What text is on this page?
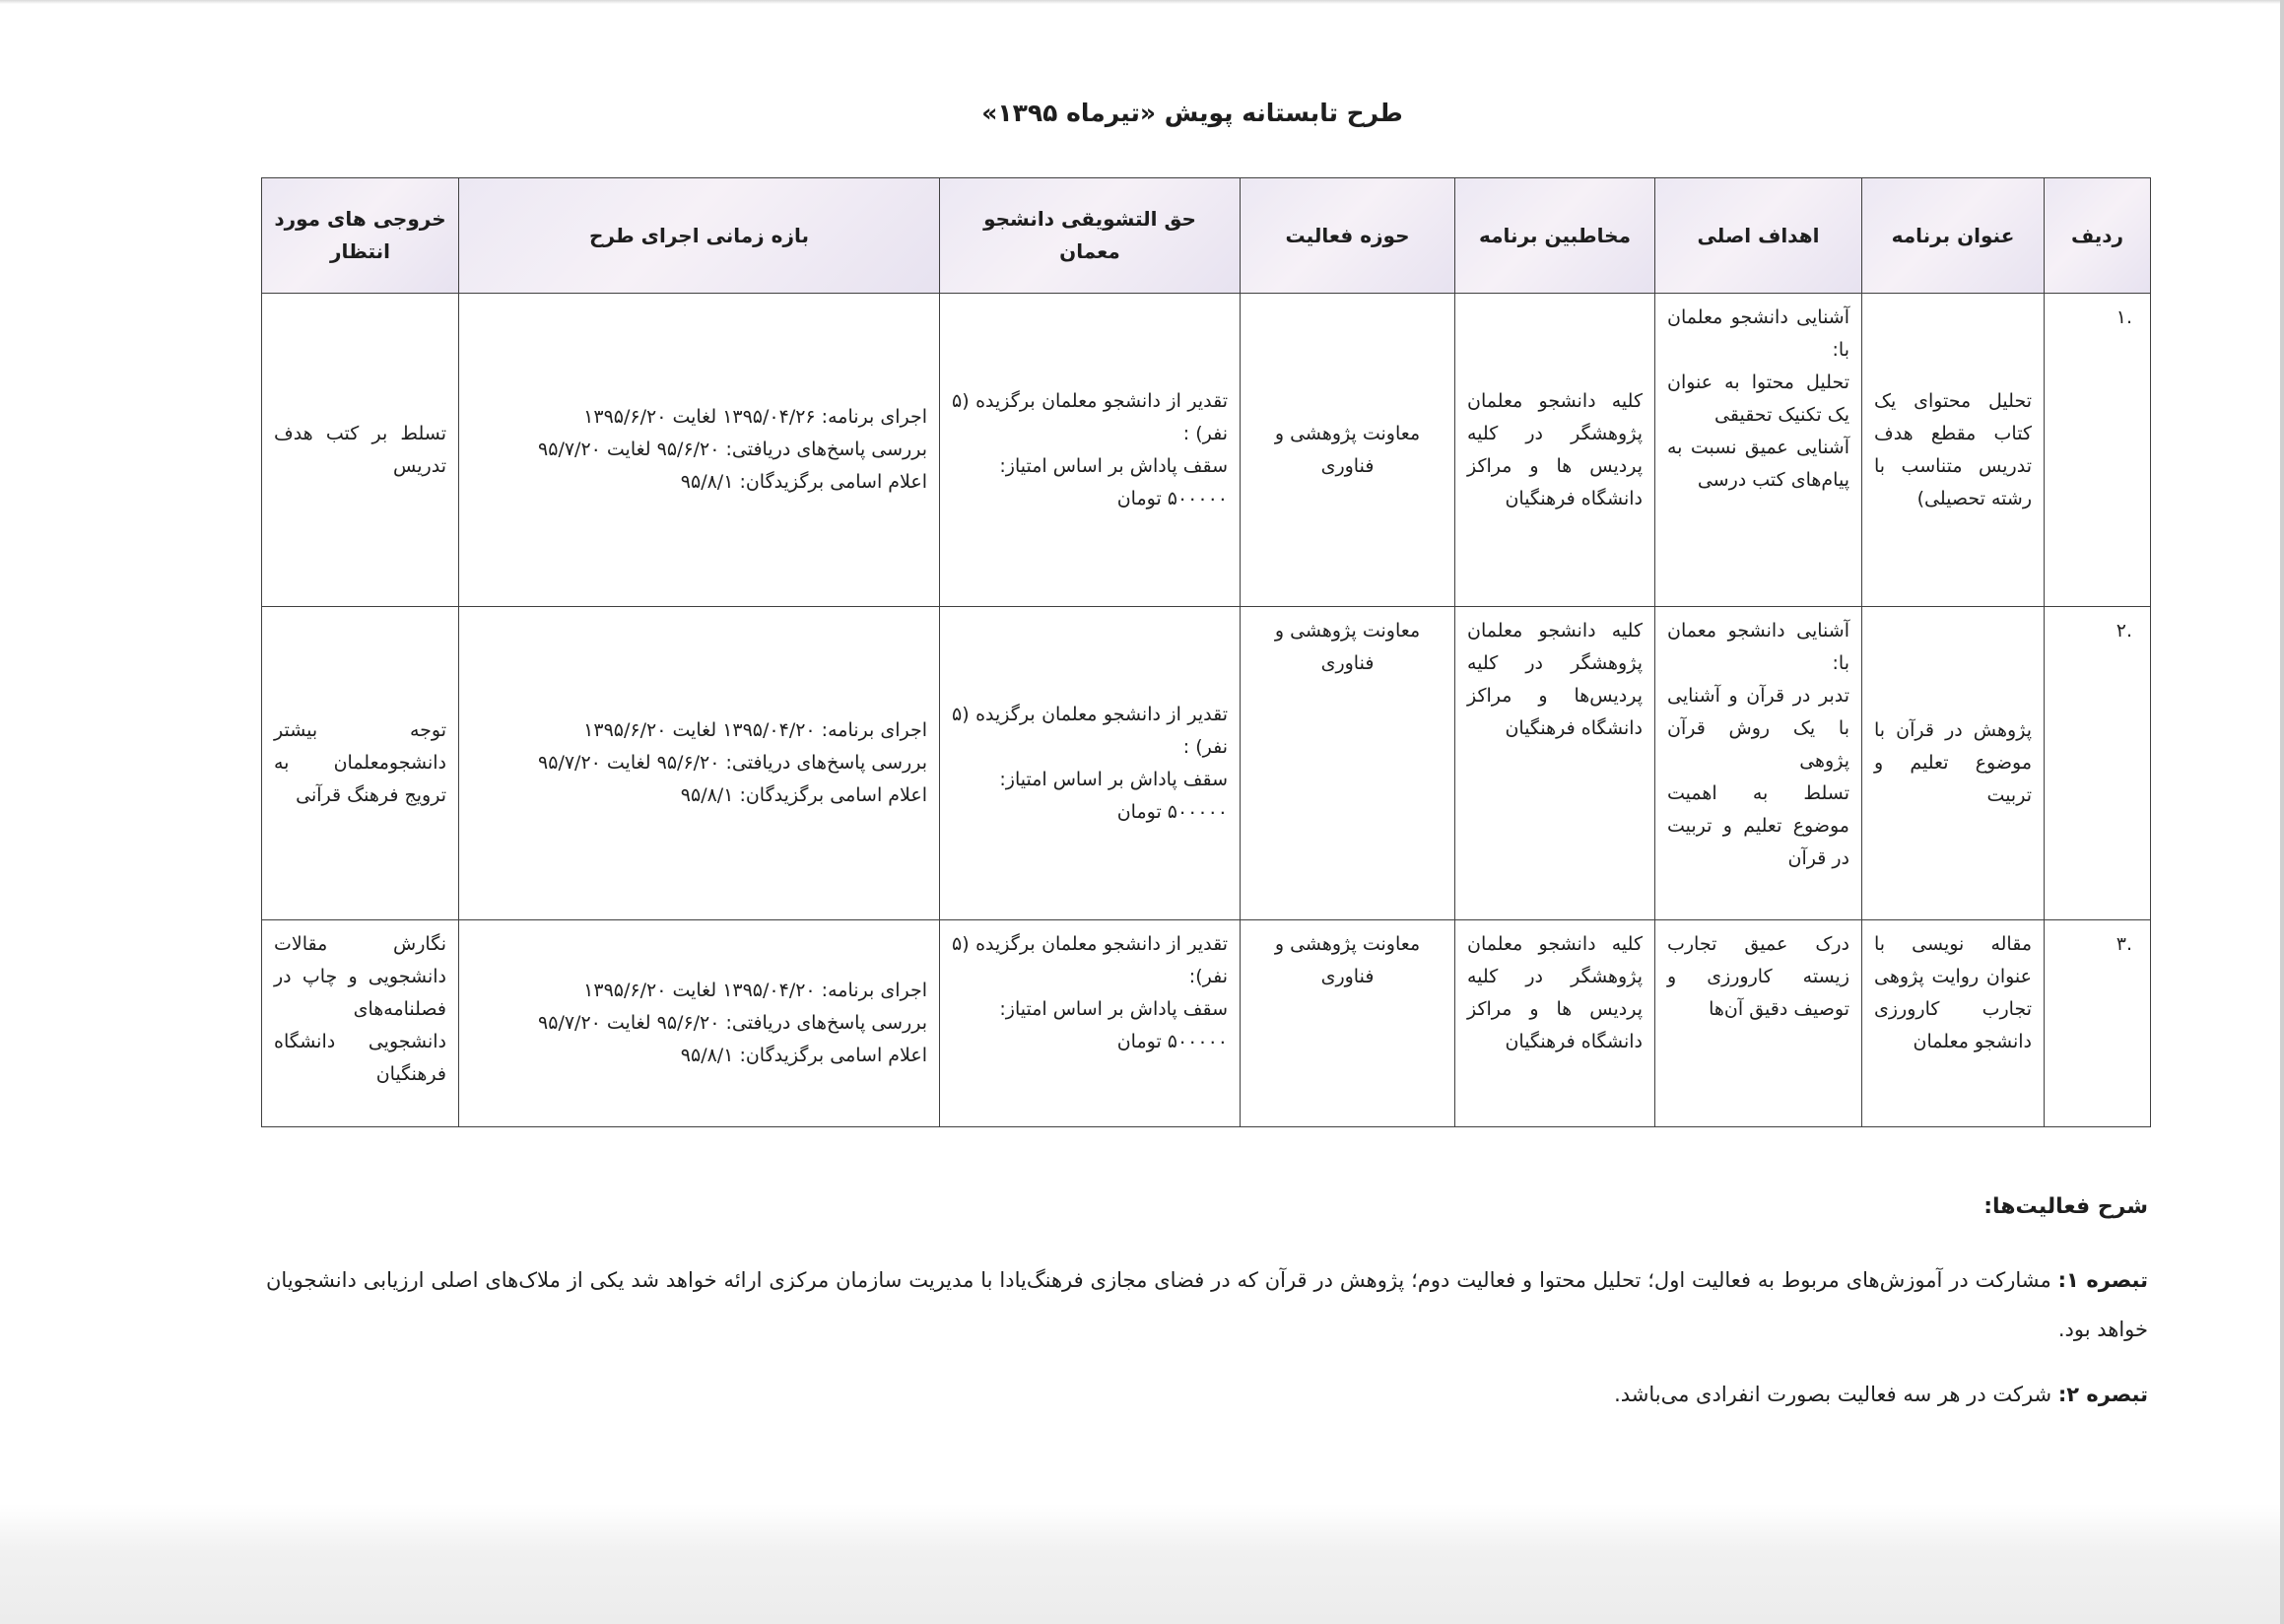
طرح تابستانه پویش «تیرماه ۱۳۹۵»
ردیف	عنوان برنامه	اهداف اصلی	مخاطبین برنامه	حوزه فعالیت	حق التشویقی دانشجو معمان	بازه زمانی اجرای طرح	خروجی های مورد انتظار
.۱	تحلیل محتوای یک کتاب مقطع هدف تدریس متناسب با رشته تحصیلی)	آشنایی دانشجو معلمان با:
تحلیل محتوا به عنوان یک تکنیک تحقیقی
آشنایی عمیق نسبت به پیام‌های کتب درسی	کلیه دانشجو معلمان پژوهشگر در کلیه پردیس ها و مراکز دانشگاه فرهنگیان	معاونت پژوهشی و فناوری	تقدیر از دانشجو معلمان برگزیده (۵ نفر) :
سقف پاداش بر اساس امتیاز:
۵۰۰۰۰۰ تومان	اجرای برنامه: ۱۳۹۵/۰۴/۲۶ لغایت ۱۳۹۵/۶/۲۰
بررسی پاسخ‌های دریافتی: ۹۵/۶/۲۰ لغایت ۹۵/۷/۲۰
اعلام اسامی برگزیدگان: ۹۵/۸/۱	تسلط بر کتب هدف تدریس
.۲	پژوهش در قرآن با موضوع تعلیم و تربیت	آشنایی دانشجو معمان با:
تدبر در قرآن و آشنایی با یک روش قرآن پژوهی
تسلط به اهمیت موضوع تعلیم و تربیت در قرآن	کلیه دانشجو معلمان پژوهشگر در کلیه پردیس‌ها و مراکز دانشگاه فرهنگیان	معاونت پژوهشی و فناوری	تقدیر از دانشجو معلمان برگزیده (۵ نفر) :
سقف پاداش بر اساس امتیاز:
۵۰۰۰۰۰ تومان	اجرای برنامه: ۱۳۹۵/۰۴/۲۰ لغایت ۱۳۹۵/۶/۲۰
بررسی پاسخ‌های دریافتی: ۹۵/۶/۲۰ لغایت ۹۵/۷/۲۰
اعلام اسامی برگزیدگان: ۹۵/۸/۱	توجه بیشتر دانشجومعلمان به ترویج فرهنگ قرآنی
.۳	مقاله نویسی با عنوان روایت پژوهی تجارب کارورزی دانشجو معلمان	درک عمیق تجارب زیسته کارورزی و توصیف دقیق آن‌ها	کلیه دانشجو معلمان پژوهشگر در کلیه پردیس ها و مراکز دانشگاه فرهنگیان	معاونت پژوهشی و فناوری	تقدیر از دانشجو معلمان برگزیده (۵ نفر):
سقف پاداش بر اساس امتیاز:
۵۰۰۰۰۰ تومان	اجرای برنامه: ۱۳۹۵/۰۴/۲۰ لغایت ۱۳۹۵/۶/۲۰
بررسی پاسخ‌های دریافتی: ۹۵/۶/۲۰ لغایت ۹۵/۷/۲۰
اعلام اسامی برگزیدگان: ۹۵/۸/۱	نگارش مقالات دانشجویی و چاپ در فصلنامه‌های دانشجویی دانشگاه فرهنگیان
شرح فعالیت‌ها:
تبصره ۱: مشارکت در آموزش‌های مربوط به فعالیت اول؛ تحلیل محتوا و فعالیت دوم؛ پژوهش در قرآن که در فضای مجازی فرهنگ‌یادا با مدیریت سازمان مرکزی ارائه خواهد شد یکی از ملاک‌های اصلی ارزیابی دانشجویان خواهد بود.
تبصره ۲: شرکت در هر سه فعالیت بصورت انفرادی می‌باشد.
